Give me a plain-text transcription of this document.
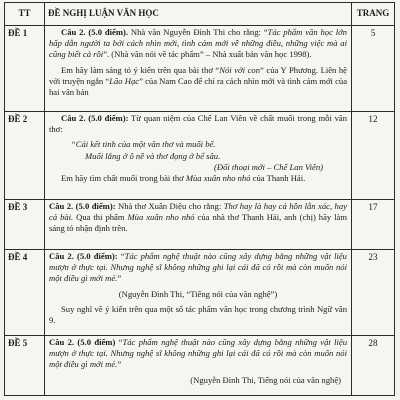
TT	ĐỀ NGHỊ LUẬN VĂN HỌC	TRANG
ĐỀ 1	Câu 2. (5.0 điểm). Nhà văn Nguyễn Đình Thi cho rằng: “Tác phẩm văn học lớn hấp dẫn người ta bởi cách nhìn mới, tình cảm mới về những điều, những việc mà ai cũng biết cả rồi”. (Nhà văn nói về tác phẩm” – Nhà xuất bản văn học 1998).

Em hãy làm sáng tỏ ý kiến trên qua bài thơ “Nói với con” của Y Phương. Liên hệ với truyện ngắn “Lão Hạc” của Nam Cao để chỉ ra cách nhìn mới và tình cảm mới của hai văn bản	5
ĐỀ 2	Câu 2. (5.0 điểm): Từ quan niệm của Chế Lan Viên về chất muối trong mỗi văn thơ:

“Cái kết tinh của một văn thơ và muối bể.

Muối lắng ở ô nề và thơ đọng ở bể sâu.

(Đối thoại mới – Chế Lan Viên)

Em hãy tìm chất muối trong bài thơ Mùa xuân nho nhỏ của Thanh Hải.	12
ĐỀ 3	Câu 2. (5.0 điểm): Nhà thơ Xuân Diệu cho rằng: Thơ hay là hay cả hồn lẫn xác, hay cả bài. Qua thi phẩm Mùa xuân nho nhỏ của nhà thơ Thanh Hải, anh (chị) hãy làm sáng tỏ nhận định trên.	17
ĐỀ 4	Câu 2. (5.0 điểm): “Tác phẩm nghệ thuật nào cũng xây dựng bằng những vật liệu mượn ở thực tại. Nhưng nghệ sĩ không những ghi lại cái đã có rồi mà còn muốn nói một điều gì mới mẻ.”

(Nguyễn Đình Thi, “Tiếng nói của văn nghệ”)

Suy nghĩ về ý kiến trên qua một số tác phẩm văn học trong chương trình Ngữ văn 9.	23
ĐỀ 5	Câu 2. (5.0 điểm) “Tác phẩm nghệ thuật nào cũng xây dựng bằng những vật liệu mượn ở thực tại. Nhưng nghệ sĩ không những ghi lại cái đã có rồi mà còn muốn nói một điều gì mới mẻ.”

(Nguyễn Đình Thi, Tiếng nói của văn nghệ)	28
